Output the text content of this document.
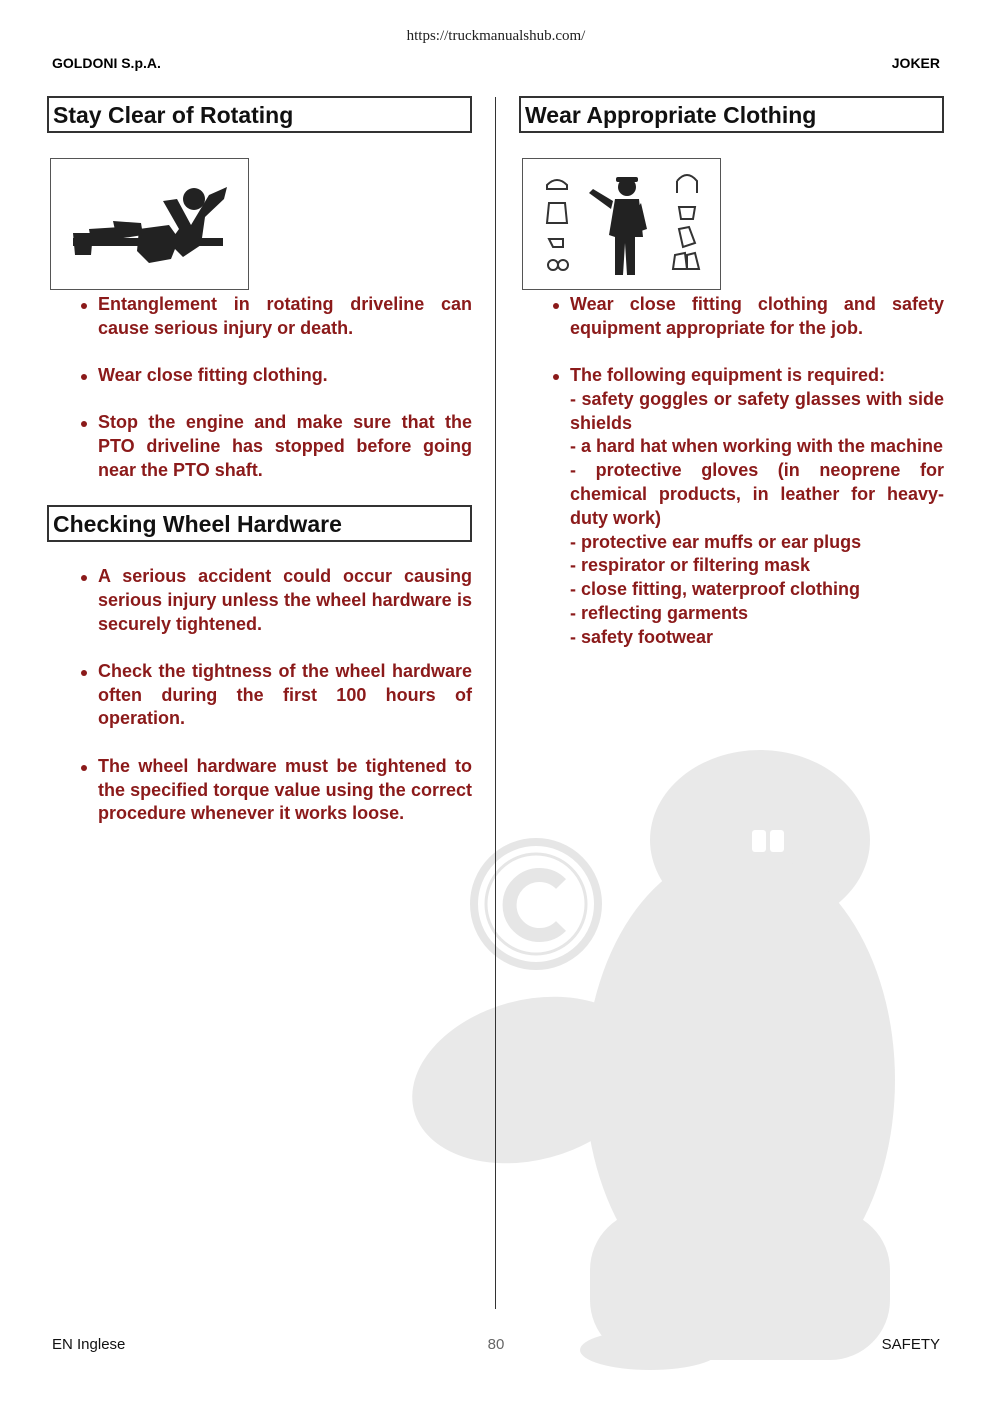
https://truckmanualshub.com/
GOLDONI S.p.A.	JOKER
Stay Clear of Rotating
Entanglement in rotating driveline can cause serious injury or death.
Wear close fitting clothing.
Stop the engine and make sure that the PTO driveline has stopped before going near the PTO shaft.
Checking Wheel Hardware
A serious accident could occur causing serious injury unless the wheel hardware is securely tightened.
Check the tightness of the wheel hardware often during the first 100 hours of operation.
The wheel hardware must be tightened to the specified torque value using the correct procedure whenever it works loose.
Wear Appropriate Clothing
Wear close fitting clothing and safety equipment appropriate for the job.
The following equipment is required:
- safety goggles or safety glasses with side shields
- a hard hat when working with the machine
- protective gloves (in neoprene for chemical products, in leather for heavy-duty work)
- protective ear muffs or ear plugs
- respirator or filtering mask
- close fitting, waterproof clothing
- reflecting garments
- safety footwear
EN Inglese	80	SAFETY
